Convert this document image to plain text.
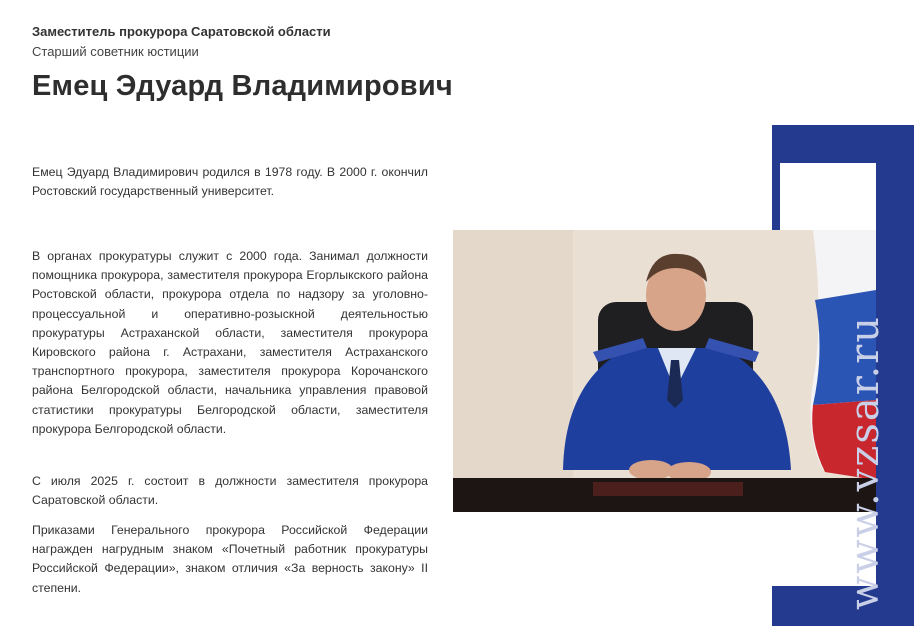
Заместитель прокурора Саратовской области
Старший советник юстиции
Емец Эдуард Владимирович

Емец Эдуард Владимирович родился в 1978 году. В 2000 г. окончил Ростовский государственный университет.

В органах прокуратуры служит с 2000 года. Занимал должности помощника прокурора, заместителя прокурора Егорлыкского района Ростовской области, прокурора отдела по надзору за уголовно-процессуальной и оперативно-розыскной деятельностью прокуратуры Астраханской области, заместителя прокурора Кировского района г. Астрахани, заместителя Астраханского транспортного прокурора, заместителя прокурора Корочанского района Белгородской области, начальника управления правовой статистики прокуратуры Белгородской области, заместителя прокурора Белгородской области.

С июля 2025 г. состоит в должности заместителя прокурора Саратовской области.

Приказами Генерального прокурора Российской Федерации награжден нагрудным знаком «Почетный работник прокуратуры Российской Федерации», знаком отличия «За верность закону» II степени.	www.vzsar.ru
